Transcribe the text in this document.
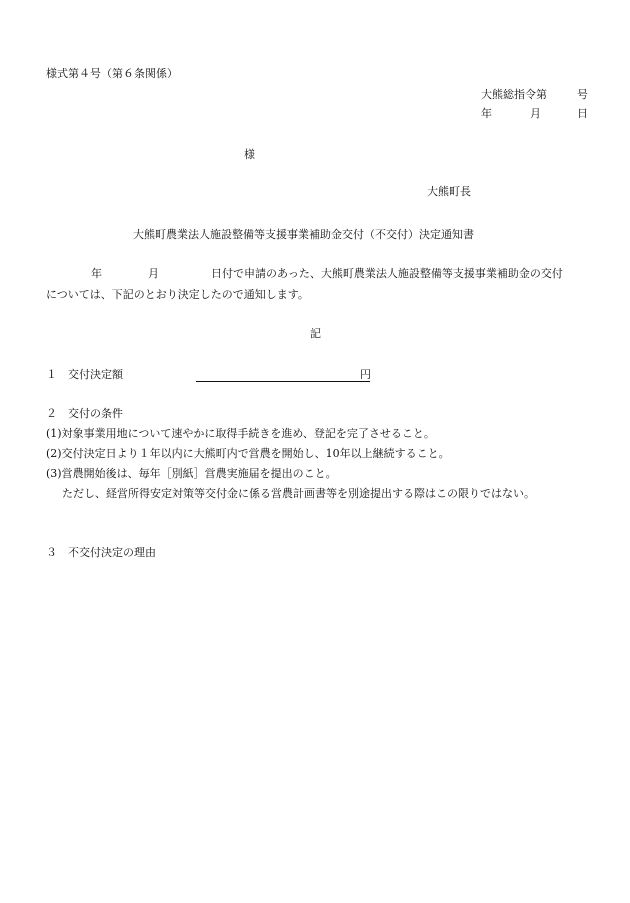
様式第４号（第６条関係）
大熊総指令第	号
年	月	日
様
大熊町長
大熊町農業法人施設整備等支援事業補助金交付（不交付）決定通知書
年	月	日付で申請のあった、大熊町農業法人施設整備等支援事業補助金の交付
については、下記のとおり決定したので通知します。
記
１ 交付決定額	円
２ 交付の条件
(1)対象事業用地について速やかに取得手続きを進め、登記を完了させること。
(2)交付決定日より１年以内に大熊町内で営農を開始し、10年以上継続すること。
(3)営農開始後は、毎年［別紙］営農実施届を提出のこと。
ただし、経営所得安定対策等交付金に係る営農計画書等を別途提出する際はこの限りではない。
３ 不交付決定の理由
